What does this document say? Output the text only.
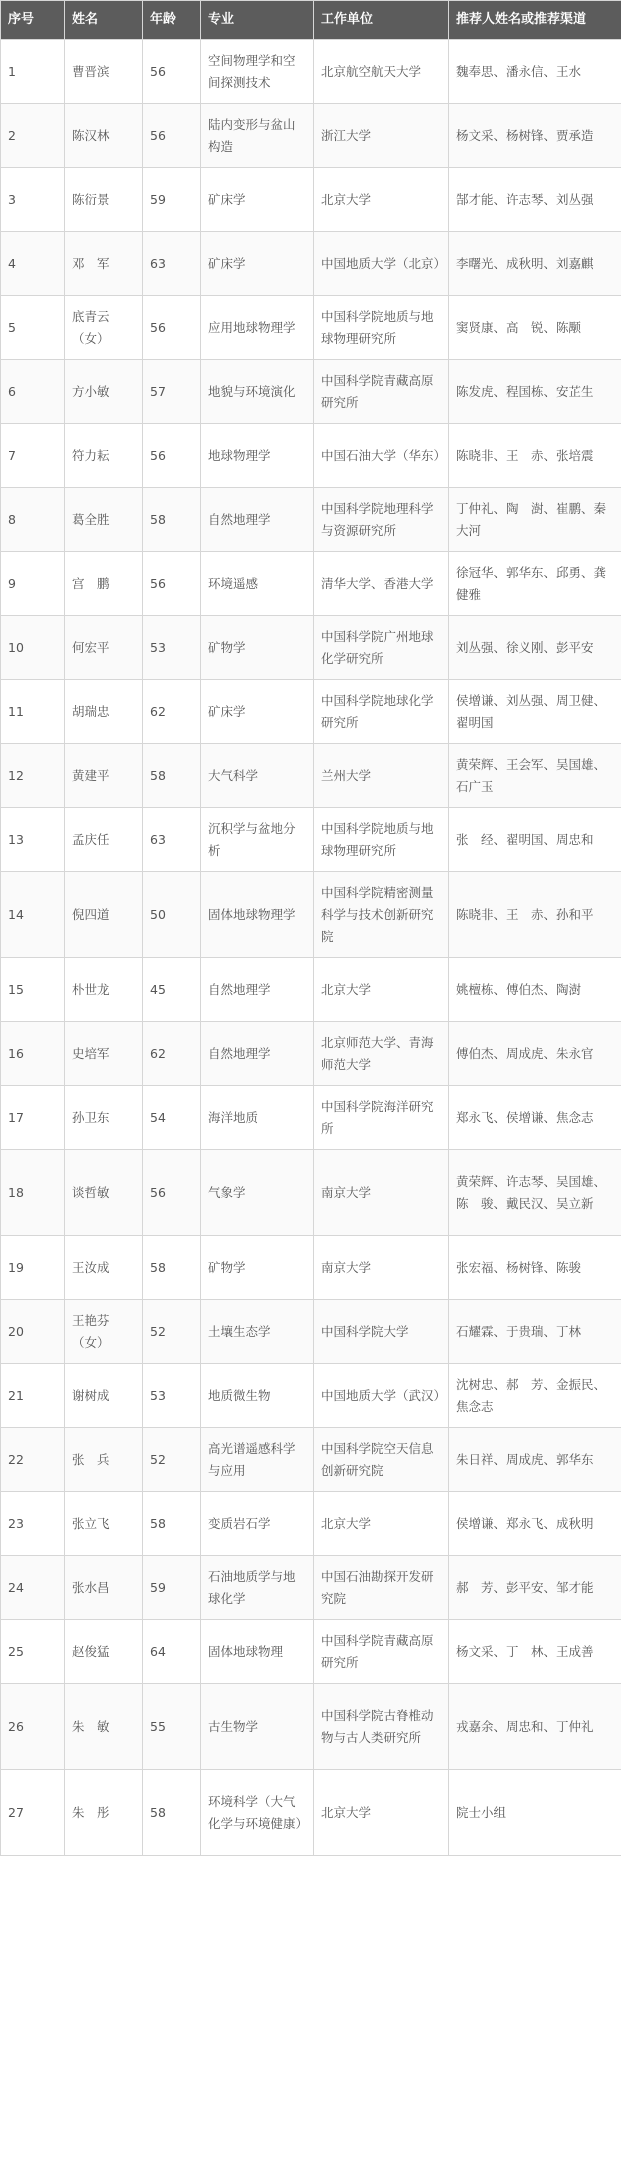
序号	姓名	年龄	专业	工作单位	推荐人姓名或推荐渠道
1	曹晋滨	56	空间物理学和空间探测技术	北京航空航天大学	魏奉思、潘永信、王水
2	陈汉林	56	陆内变形与盆山构造	浙江大学	杨文采、杨树锋、贾承造
3	陈衍景	59	矿床学	北京大学	郜才能、许志琴、刘丛强
4	邓　军	63	矿床学	中国地质大学（北京）	李曙光、成秋明、刘嘉麒
5	底青云（女）	56	应用地球物理学	中国科学院地质与地球物理研究所	窦贤康、高　锐、陈颙
6	方小敏	57	地貌与环境演化	中国科学院青藏高原研究所	陈发虎、程国栋、安芷生
7	符力耘	56	地球物理学	中国石油大学（华东）	陈晓非、王　赤、张培震
8	葛全胜	58	自然地理学	中国科学院地理科学与资源研究所	丁仲礼、陶　澍、崔鹏、秦大河
9	宫　鹏	56	环境遥感	清华大学、香港大学	徐冠华、郭华东、邱勇、龚健雅
10	何宏平	53	矿物学	中国科学院广州地球化学研究所	刘丛强、徐义刚、彭平安
11	胡瑞忠	62	矿床学	中国科学院地球化学研究所	侯增谦、刘丛强、周卫健、翟明国
12	黄建平	58	大气科学	兰州大学	黄荣辉、王会军、吴国雄、石广玉
13	孟庆任	63	沉积学与盆地分析	中国科学院地质与地球物理研究所	张　经、翟明国、周忠和
14	倪四道	50	固体地球物理学	中国科学院精密测量科学与技术创新研究院	陈晓非、王　赤、孙和平
15	朴世龙	45	自然地理学	北京大学	姚檀栋、傅伯杰、陶澍
16	史培军	62	自然地理学	北京师范大学、青海师范大学	傅伯杰、周成虎、朱永官
17	孙卫东	54	海洋地质	中国科学院海洋研究所	郑永飞、侯增谦、焦念志
18	谈哲敏	56	气象学	南京大学	黄荣辉、许志琴、吴国雄、陈　骏、戴民汉、吴立新
19	王汝成	58	矿物学	南京大学	张宏福、杨树锋、陈骏
20	王艳芬（女）	52	土壤生态学	中国科学院大学	石耀霖、于贵瑞、丁林
21	谢树成	53	地质微生物	中国地质大学（武汉）	沈树忠、郝　芳、金振民、焦念志
22	张　兵	52	高光谱遥感科学与应用	中国科学院空天信息创新研究院	朱日祥、周成虎、郭华东
23	张立飞	58	变质岩石学	北京大学	侯增谦、郑永飞、成秋明
24	张水昌	59	石油地质学与地球化学	中国石油勘探开发研究院	郝　芳、彭平安、邹才能
25	赵俊猛	64	固体地球物理	中国科学院青藏高原研究所	杨文采、丁　林、王成善
26	朱　敏	55	古生物学	中国科学院古脊椎动物与古人类研究所	戎嘉余、周忠和、丁仲礼
27	朱　彤	58	环境科学（大气化学与环境健康）	北京大学	院士小组
